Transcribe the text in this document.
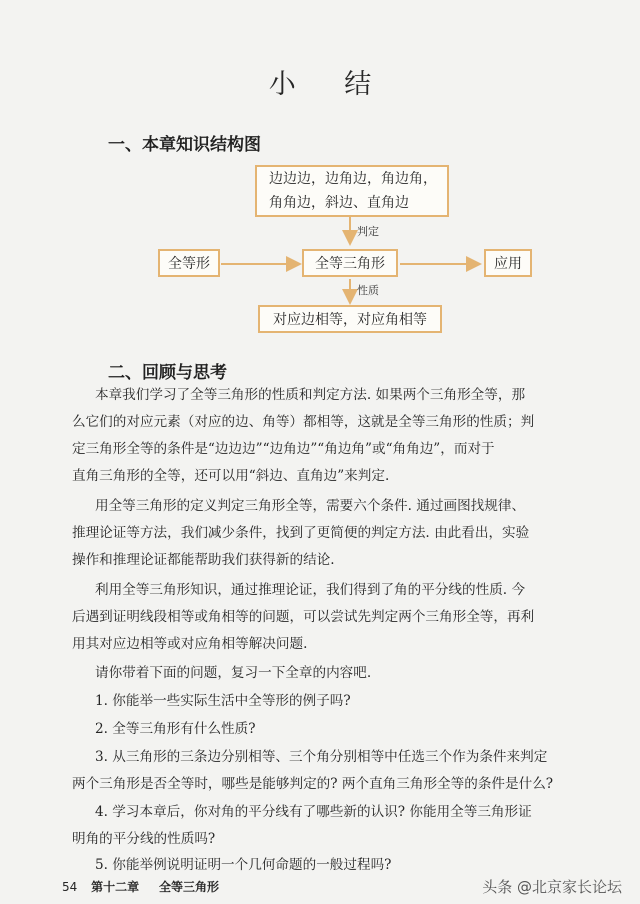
小 结
一、本章知识结构图
边边边，边角边，角边角，
角角边，斜边、直角边
判定
全等形	全等三角形	应用
性质
对应边相等，对应角相等
二、回顾与思考
本章我们学习了全等三角形的性质和判定方法. 如果两个三角形全等，那
么它们的对应元素（对应的边、角等）都相等，这就是全等三角形的性质；判
定三角形全等的条件是“边边边”“边角边”“角边角”或“角角边”，而对于
直角三角形的全等，还可以用“斜边、直角边”来判定.
用全等三角形的定义判定三角形全等，需要六个条件. 通过画图找规律、
推理论证等方法，我们减少条件，找到了更简便的判定方法. 由此看出，实验
操作和推理论证都能帮助我们获得新的结论.
利用全等三角形知识，通过推理论证，我们得到了角的平分线的性质. 今
后遇到证明线段相等或角相等的问题，可以尝试先判定两个三角形全等，再利
用其对应边相等或对应角相等解决问题.
请你带着下面的问题，复习一下全章的内容吧.
1. 你能举一些实际生活中全等形的例子吗?
2. 全等三角形有什么性质?
3. 从三角形的三条边分别相等、三个角分别相等中任选三个作为条件来判定
两个三角形是否全等时，哪些是能够判定的? 两个直角三角形全等的条件是什么?
4. 学习本章后，你对角的平分线有了哪些新的认识? 你能用全等三角形证
明角的平分线的性质吗?
5. 你能举例说明证明一个几何命题的一般过程吗?
54 第十二章 全等三角形	头条 @北京家长论坛
